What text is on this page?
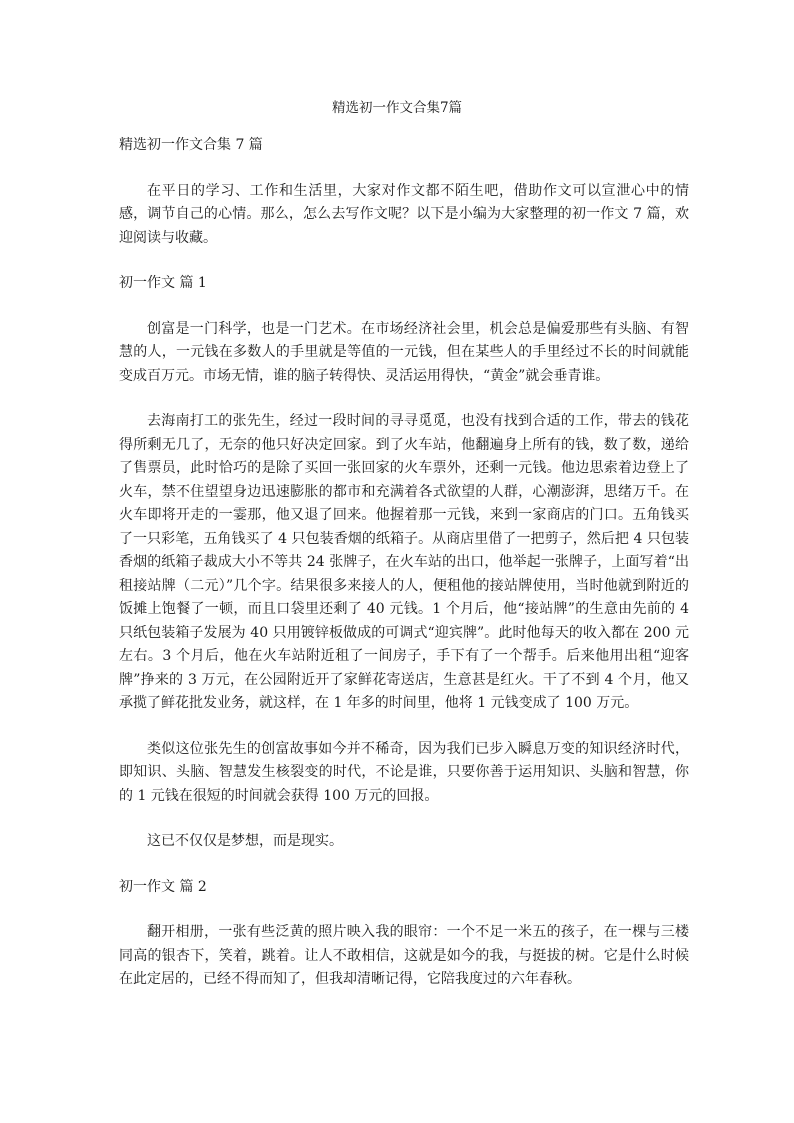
精选初一作文合集7篇

精选初一作文合集 7 篇

在平日的学习、工作和生活里，大家对作文都不陌生吧，借助作文可以宣泄心中的情感，调节自己的心情。那么，怎么去写作文呢？以下是小编为大家整理的初一作文 7 篇，欢迎阅读与收藏。

初一作文 篇 1

创富是一门科学，也是一门艺术。在市场经济社会里，机会总是偏爱那些有头脑、有智慧的人，一元钱在多数人的手里就是等值的一元钱，但在某些人的手里经过不长的时间就能变成百万元。市场无情，谁的脑子转得快、灵活运用得快，“黄金”就会垂青谁。

去海南打工的张先生，经过一段时间的寻寻觅觅，也没有找到合适的工作，带去的钱花得所剩无几了，无奈的他只好决定回家。到了火车站，他翻遍身上所有的钱，数了数，递给了售票员，此时恰巧的是除了买回一张回家的火车票外，还剩一元钱。他边思索着边登上了火车，禁不住望望身边迅速膨胀的都市和充满着各式欲望的人群，心潮澎湃，思绪万千。在火车即将开走的一霎那，他又退了回来。他握着那一元钱，来到一家商店的门口。五角钱买了一只彩笔，五角钱买了 4 只包装香烟的纸箱子。从商店里借了一把剪子，然后把 4 只包装香烟的纸箱子裁成大小不等共 24 张牌子，在火车站的出口，他举起一张牌子，上面写着“出租接站牌（二元）”几个字。结果很多来接人的人，便租他的接站牌使用，当时他就到附近的饭摊上饱餐了一顿，而且口袋里还剩了 40 元钱。1 个月后，他“接站牌”的生意由先前的 4 只纸包装箱子发展为 40 只用镀锌板做成的可调式“迎宾牌”。此时他每天的收入都在 200 元左右。3 个月后，他在火车站附近租了一间房子，手下有了一个帮手。后来他用出租“迎客牌”挣来的 3 万元，在公园附近开了家鲜花寄送店，生意甚是红火。干了不到 4 个月，他又承揽了鲜花批发业务，就这样，在 1 年多的时间里，他将 1 元钱变成了 100 万元。

类似这位张先生的创富故事如今并不稀奇，因为我们已步入瞬息万变的知识经济时代，即知识、头脑、智慧发生核裂变的时代，不论是谁，只要你善于运用知识、头脑和智慧，你的 1 元钱在很短的时间就会获得 100 万元的回报。

这已不仅仅是梦想，而是现实。

初一作文 篇 2

翻开相册，一张有些泛黄的照片映入我的眼帘：一个不足一米五的孩子，在一棵与三楼同高的银杏下，笑着，跳着。让人不敢相信，这就是如今的我，与挺拔的树。它是什么时候在此定居的，已经不得而知了，但我却清晰记得，它陪我度过的六年春秋。
